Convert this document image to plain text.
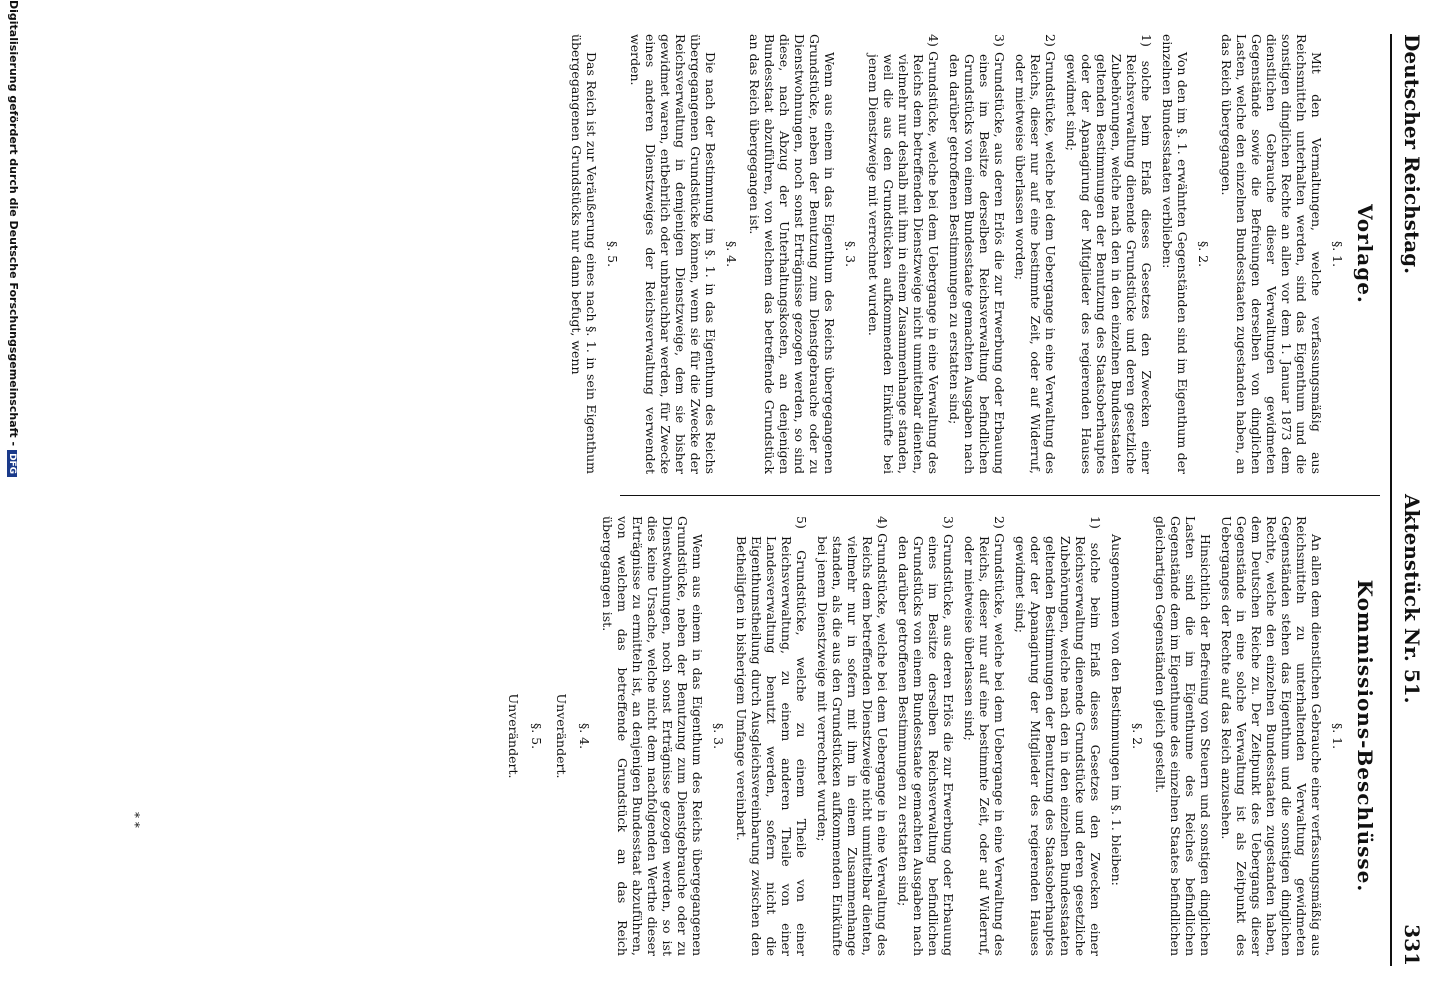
Deutscher Reichstag.
Aktenstück Nr. 51.
331
Vorlage.
§. 1.

Mit den Vermaltungen, welche verfassungsmäßig aus Reichsmitteln unterhalten werden, sind das Eigenthum und die sonstigen dinglichen Rechte an allen vor dem 1. Januar 1873 dem dienstlichen Gebrauche dieser Verwaltungen gewidmeten Gegenstände sowie die Befreiungen derselben von dinglichen Lasten, welche den einzelnen Bundesstaaten zugestanden haben, an das Reich übergegangen.

§. 2.

Von den im §. 1. erwähnten Gegenständen sind im Eigenthum der einzelnen Bundesstaaten verblieben:

1) solche beim Erlaß dieses Gesetzes den Zwecken einer Reichsverwaltung dienende Grundstücke und deren gesetzliche Zubehörungen, welche nach den in den einzelnen Bundesstaaten geltenden Bestimmungen der Benutzung des Staatsoberhauptes oder der Apanagirung der Mitglieder des regierenden Hauses gewidmet sind;

2) Grundstücke, welche bei dem Uebergange in eine Verwaltung des Reichs, dieser nur auf eine bestimmte Zeit, oder auf Widerruf, oder mietweise überlassen worden;

3) Grundstücke, aus deren Erlös die zur Erwerbung oder Erbauung eines im Besitze derselben Reichsverwaltung befindlichen Grundstücks von einem Bundesstaate gemachten Ausgaben nach den darüber getroffenen Bestimmungen zu erstatten sind;

4) Grundstücke, welche bei dem Uebergange in eine Verwaltung des Reichs dem betreffenden Dienstzweige nicht unmittelbar dienten, vielmehr nur deshalb mit ihm in einem Zusammenhange standen, weil die aus den Grundstücken aufkommenden Einkünfte bei jenem Dienstzweige mit verrechnet wurden.

§. 3.

Wenn aus einem in das Eigenthum des Reichs übergegangenen Grundstücke, neben der Benutzung zum Dienstgebrauche oder zu Dienstwohnungen, noch sonst Erträgnisse gezogen werden, so sind diese, nach Abzug der Unterhaltungskosten, an denjenigen Bundesstaat abzuführen, von welchem das betreffende Grundstück an das Reich übergegangen ist.

§. 4.

Die nach der Bestimmung im §. 1. in das Eigenthum des Reichs übergegangenen Grundstücke können, wenn sie für die Zwecke der Reichsverwaltung in demjenigen Dienstzweige, dem sie bisher gewidmet waren, entbehrlich oder unbrauchbar werden, für Zwecke eines anderen Dienstzweiges der Reichsverwaltung verwendet werden.

§. 5.

Das Reich ist zur Veräußerung eines nach §. 1. in sein Eigenthum übergegangenen Grundstücks nur dann befugt, wenn

Kommissions-Beschlüsse.
§. 1.

An allen dem dienstlichen Gebrauche einer verfassungsmäßig aus Reichsmitteln zu unterhaltenden Verwaltung gewidmeten Gegenständen stehen das Eigenthum und die sonstigen dinglichen Rechte, welche den einzelnen Bundesstaaten zugestanden haben, dem Deutschen Reiche zu. Der Zeitpunkt des Uebergangs dieser Gegenstände in eine solche Verwaltung ist als Zeitpunkt des Ueberganges der Rechte auf das Reich anzusehen.

Hinsichtlich der Befreiung von Steuern und sonstigen dinglichen Lasten sind die im Eigenthume des Reiches befindlichen Gegenstände dem im Eigenthume des einzelnen Staates befindlichen gleichartigen Gegenständen gleich gestellt.

§. 2.

Ausgenommen von den Bestimmungen im §. 1. bleiben:

1) solche beim Erlaß dieses Gesetzes den Zwecken einer Reichsverwaltung dienende Grundstücke und deren gesetzliche Zubehörungen, welche nach den in den einzelnen Bundesstaaten geltenden Bestimmungen der Benutzung des Staatsoberhauptes oder der Apanagirung der Mitglieder des regierenden Hauses gewidmet sind;

2) Grundstücke, welche bei dem Uebergange in eine Verwaltung des Reichs, dieser nur auf eine bestimmte Zeit, oder auf Widerruf, oder mietweise überlassen sind;

3) Grundstücke, aus deren Erlös die zur Erwerbung oder Erbauung eines im Besitze derselben Reichsverwaltung befindlichen Grundstücks von einem Bundesstaate gemachten Ausgaben nach den darüber getroffenen Bestimmungen zu erstatten sind;

4) Grundstücke, welche bei dem Uebergange in eine Verwaltung des Reichs dem betreffenden Dienstzweige nicht unmittelbar dienten, vielmehr nur in sofern mit ihm in einem Zusammenhange standen, als die aus den Grundstücken aufkommenden Einkünfte bei jenem Dienstzweige mit verrechnet wurden;

5) Grundstücke, welche zu einem Theile von einer Reichsverwaltung, zu einem anderen Theile von einer Landesverwaltung benutzt werden, sofern nicht die Eigenthumstheilung durch Ausgleichsvereinbarung zwischen den Betheiligten in bisherigem Umfange vereinbart.

§. 3.

Wenn aus einem in das Eigenthum des Reichs übergegangenen Grundstücke, neben der Benutzung zum Dienstgebrauche oder zu Dienstwohnungen, noch sonst Erträgnisse gezogen werden, so ist dies keine Ursache, welche nicht dem nachfolgenden Werthe dieser Erträgnisse zu ermitteln ist, an denjenigen Bundesstaat abzuführen, von welchem das betreffende Grundstück an das Reich übergegangen ist.

§. 4.
Unverändert.
§. 5.
Unverändert.
* *
Digitalisierung gefördert durch die Deutsche Forschungsgemeinschaft -DFG
